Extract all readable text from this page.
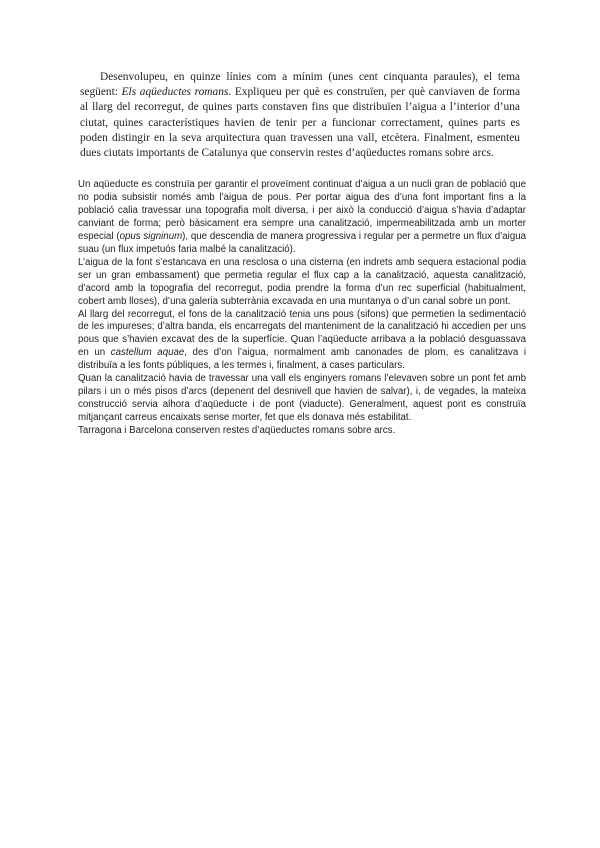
Desenvolupeu, en quinze línies com a mínim (unes cent cinquanta paraules), el tema següent: Els aqüeductes romans. Expliqueu per què es construïen, per què canviaven de forma al llarg del recorregut, de quines parts constaven fins que distribuïen l’aigua a l’interior d’una ciutat, quines característiques havien de tenir per a funcionar correctament, quines parts es poden distingir en la seva arquitectura quan travessen una vall, etcètera. Finalment, esmenteu dues ciutats importants de Catalunya que conservin restes d’aqüeductes romans sobre arcs.

Un aqüeducte es construïa per garantir el proveïment continuat d’aigua a un nucli gran de població que no podia subsistir només amb l’aigua de pous. Per portar aigua des d’una font important fins a la població calia travessar una topografia molt diversa, i per això la conducció d’aigua s’havia d’adaptar canviant de forma; però bàsicament era sempre una canalització, impermeabilitzada amb un morter especial (opus signinum), que descendia de manera progressiva i regular per a permetre un flux d’aigua suau (un flux impetuós faria malbé la canalització).

L’aigua de la font s’estancava en una resclosa o una cisterna (en indrets amb sequera estacional podia ser un gran embassament) que permetia regular el flux cap a la canalització, aquesta canalització, d’acord amb la topografia del recorregut, podia prendre la forma d’un rec superficial (habitualment, cobert amb lloses), d’una galeria subterrània excavada en una muntanya o d’un canal sobre un pont.

Al llarg del recorregut, el fons de la canalització tenia uns pous (sifons) que permetien la sedimentació de les impureses; d’altra banda, els encarregats del manteniment de la canalització hi accedien per uns pous que s’havien excavat des de la superfície. Quan l’aqüeducte arribava a la població desguassava en un castellum aquae, des d’on l’aigua, normalment amb canonades de plom, es canalitzava i distribuïa a les fonts públiques, a les termes i, finalment, a cases particulars.

Quan la canalització havia de travessar una vall els enginyers romans l’elevaven sobre un pont fet amb pilars i un o més pisos d’arcs (depenent del desnivell que havien de salvar), i, de vegades, la mateixa construcció servia alhora d’aqüeducte i de pont (viaducte). Generalment, aquest pont es construïa mitjançant carreus encaixats sense morter, fet que els donava més estabilitat.

Tarragona i Barcelona conserven restes d’aqüeductes romans sobre arcs.
